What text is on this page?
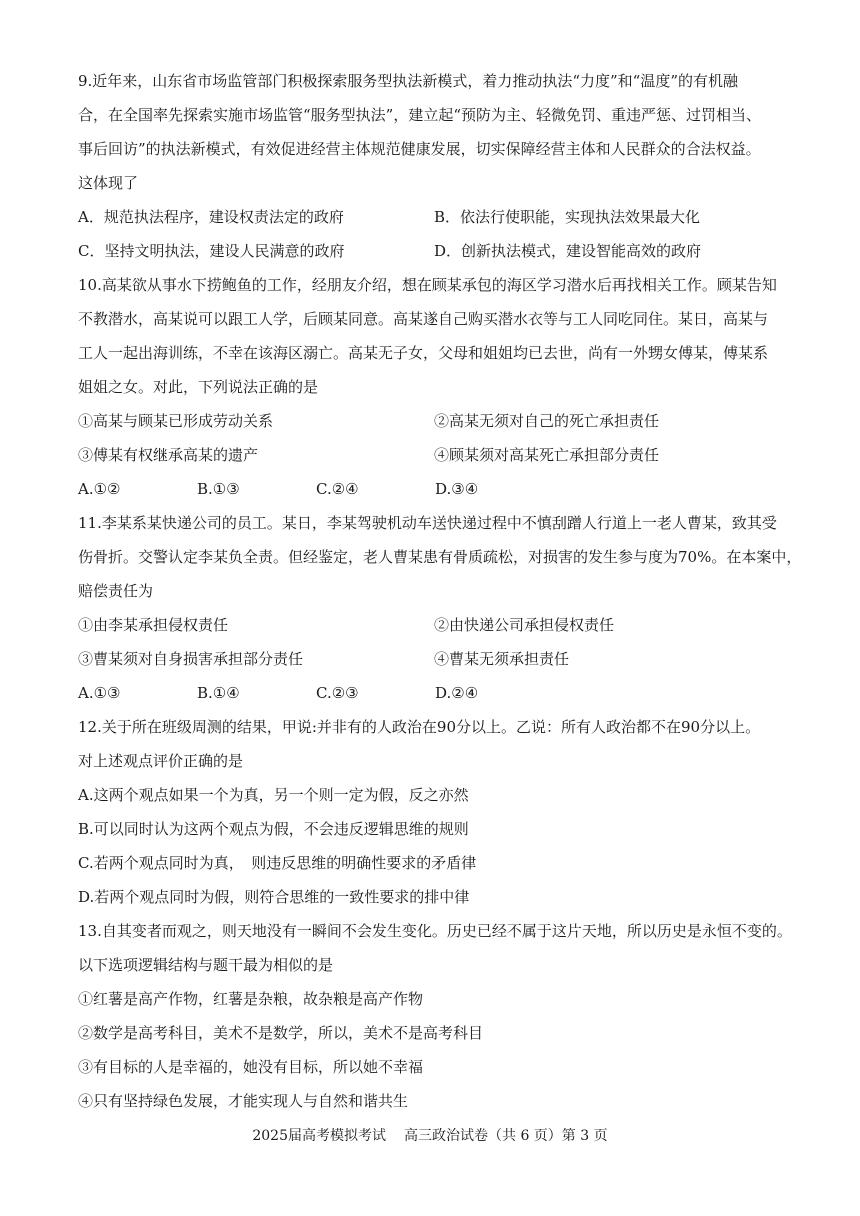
9.近年来，山东省市场监管部门积极探索服务型执法新模式，着力推动执法“力度”和“温度”的有机融
合，在全国率先探索实施市场监管“服务型执法”，建立起“预防为主、轻微免罚、重违严惩、过罚相当、
事后回访”的执法新模式，有效促进经营主体规范健康发展，切实保障经营主体和人民群众的合法权益。
这体现了
A．规范执法程序，建设权责法定的政府	B．依法行使职能，实现执法效果最大化
C．坚持文明执法，建设人民满意的政府	D．创新执法模式，建设智能高效的政府
10.高某欲从事水下捞鲍鱼的工作，经朋友介绍，想在顾某承包的海区学习潜水后再找相关工作。顾某告知
不教潜水，高某说可以跟工人学，后顾某同意。高某遂自己购买潜水衣等与工人同吃同住。某日，高某与
工人一起出海训练，不幸在该海区溺亡。高某无子女，父母和姐姐均已去世，尚有一外甥女傅某，傅某系
姐姐之女。对此，下列说法正确的是
①高某与顾某已形成劳动关系	②高某无须对自己的死亡承担责任
③傅某有权继承高某的遗产	④顾某须对高某死亡承担部分责任
A.①②	B.①③	C.②④	D.③④
11.李某系某快递公司的员工。某日，李某驾驶机动车送快递过程中不慎刮蹭人行道上一老人曹某，致其受
伤骨折。交警认定李某负全责。但经鉴定，老人曹某患有骨质疏松，对损害的发生参与度为70%。在本案中，
赔偿责任为
①由李某承担侵权责任	②由快递公司承担侵权责任
③曹某须对自身损害承担部分责任	④曹某无须承担责任
A.①③	B.①④	C.②③	D.②④
12.关于所在班级周测的结果，甲说:并非有的人政治在90分以上。乙说：所有人政治都不在90分以上。
对上述观点评价正确的是
A.这两个观点如果一个为真，另一个则一定为假，反之亦然
B.可以同时认为这两个观点为假，不会违反逻辑思维的规则
C.若两个观点同时为真，　则违反思维的明确性要求的矛盾律
D.若两个观点同时为假，则符合思维的一致性要求的排中律
13.自其变者而观之，则天地没有一瞬间不会发生变化。历史已经不属于这片天地，所以历史是永恒不变的。
以下选项逻辑结构与题干最为相似的是
①红薯是高产作物，红薯是杂粮，故杂粮是高产作物
②数学是高考科目，美术不是数学，所以，美术不是高考科目
③有目标的人是幸福的，她没有目标，所以她不幸福
④只有坚持绿色发展，才能实现人与自然和谐共生
2025届高考模拟考试 高三政治试卷（共 6 页）第 3 页
